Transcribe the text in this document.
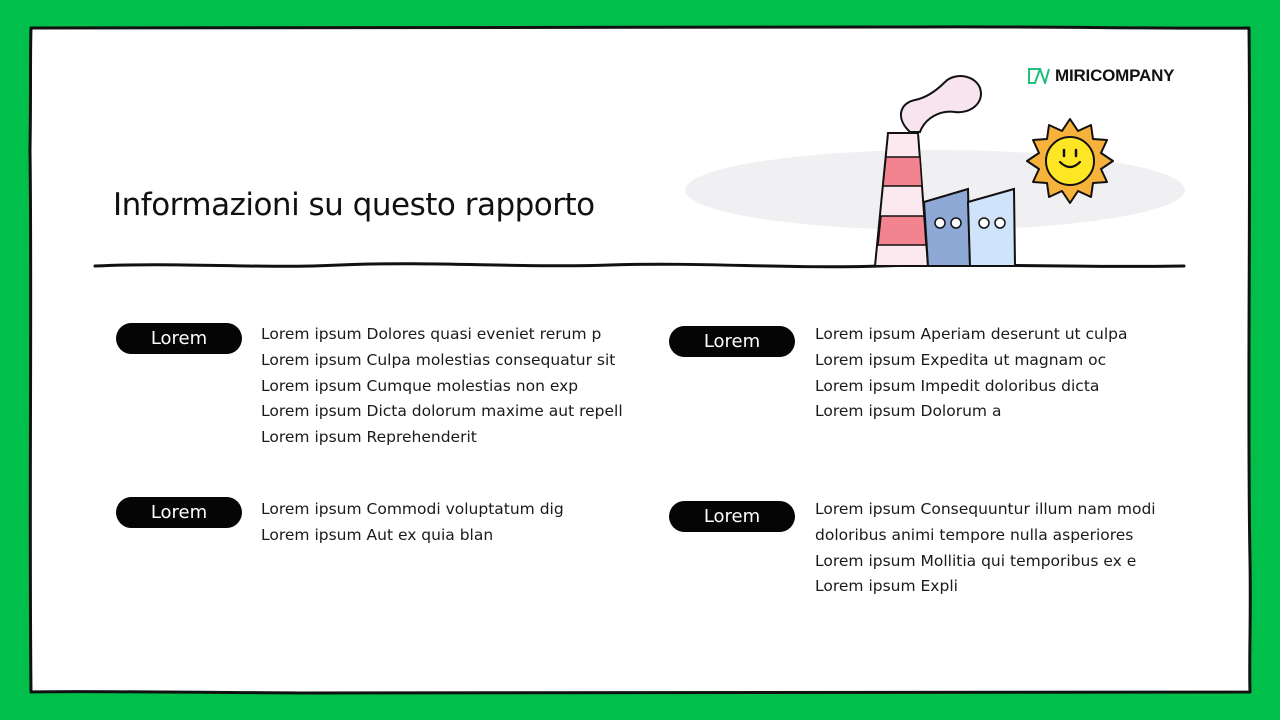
MIRICOMPANY
Informazioni su questo rapporto
Lorem	Lorem ipsum Dolores quasi eveniet rerum p
Lorem ipsum Culpa molestias consequatur sit
Lorem ipsum Cumque molestias non exp
Lorem ipsum Dicta dolorum maxime aut repell
Lorem ipsum Reprehenderit
Lorem	Lorem ipsum Aperiam deserunt ut culpa
Lorem ipsum Expedita ut magnam oc
Lorem ipsum Impedit doloribus dicta
Lorem ipsum Dolorum a
Lorem	Lorem ipsum Commodi voluptatum dig
Lorem ipsum Aut ex quia blan
Lorem	Lorem ipsum Consequuntur illum nam modi
doloribus animi tempore nulla asperiores
Lorem ipsum Mollitia qui temporibus ex e
Lorem ipsum Expli
